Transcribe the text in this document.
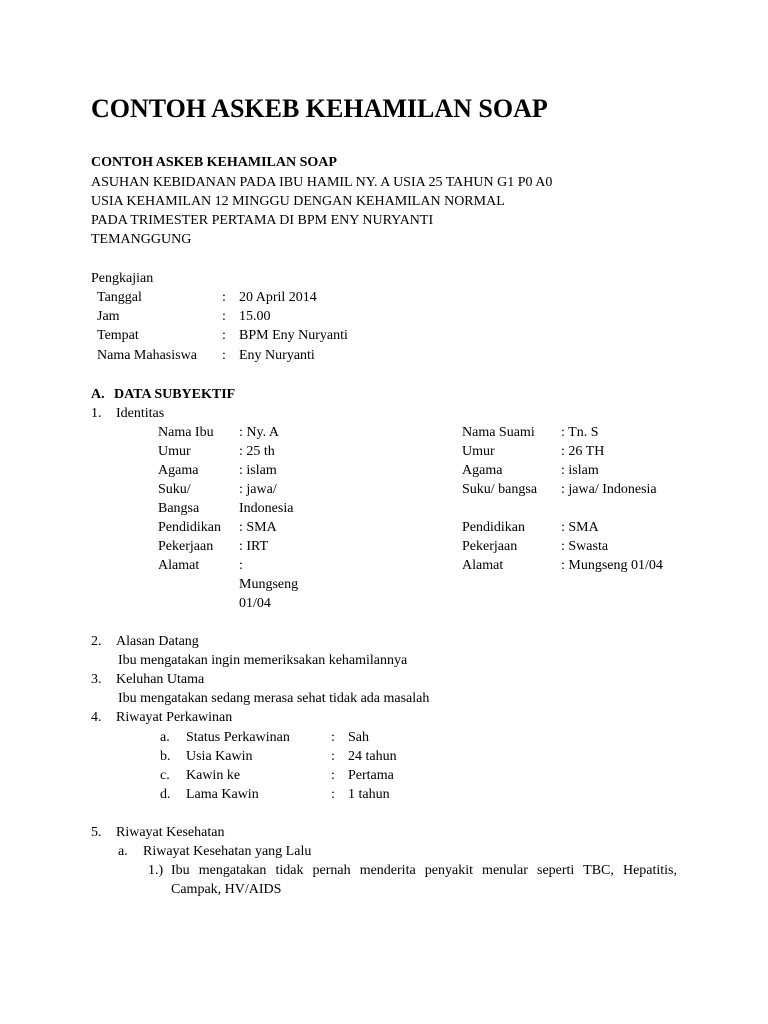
CONTOH ASKEB KEHAMILAN SOAP
CONTOH ASKEB KEHAMILAN SOAP
ASUHAN KEBIDANAN PADA IBU HAMIL NY. A USIA 25 TAHUN G1 P0 A0
USIA KEHAMILAN 12 MINGGU DENGAN KEHAMILAN NORMAL
PADA TRIMESTER PERTAMA DI BPM ENY NURYANTI
TEMANGGUNG
Pengkajian
Tanggal	: 20 April 2014
Jam	: 15.00
Tempat	: BPM Eny Nuryanti
Nama Mahasiswa : Eny Nuryanti
A. DATA SUBYEKTIF
1. Identitas
Nama Ibu : Ny. A
Umur	: 25 th
Agama	: islam
Suku/	: jawa/
Bangsa	Indonesia
Pendidikan : SMA
Pekerjaan : IRT
Alamat	:
Mungseng
01/04
Nama Suami : Tn. S
Umur	: 26 TH
Agama	: islam
Suku/ bangsa : jawa/ Indonesia
Pendidikan	: SMA
Pekerjaan	: Swasta
Alamat	: Mungseng 01/04
2. Alasan Datang
Ibu mengatakan ingin memeriksakan kehamilannya
3. Keluhan Utama
Ibu mengatakan sedang merasa sehat tidak ada masalah
4. Riwayat Perkawinan
a. Status Perkawinan	: Sah
b. Usia Kawin	: 24 tahun
c. Kawin ke	: Pertama
d. Lama Kawin	: 1 tahun
5. Riwayat Kesehatan
a. Riwayat Kesehatan yang Lalu
1.) Ibu mengatakan tidak pernah menderita penyakit menular seperti TBC, Hepatitis,
Campak, HV/AIDS
